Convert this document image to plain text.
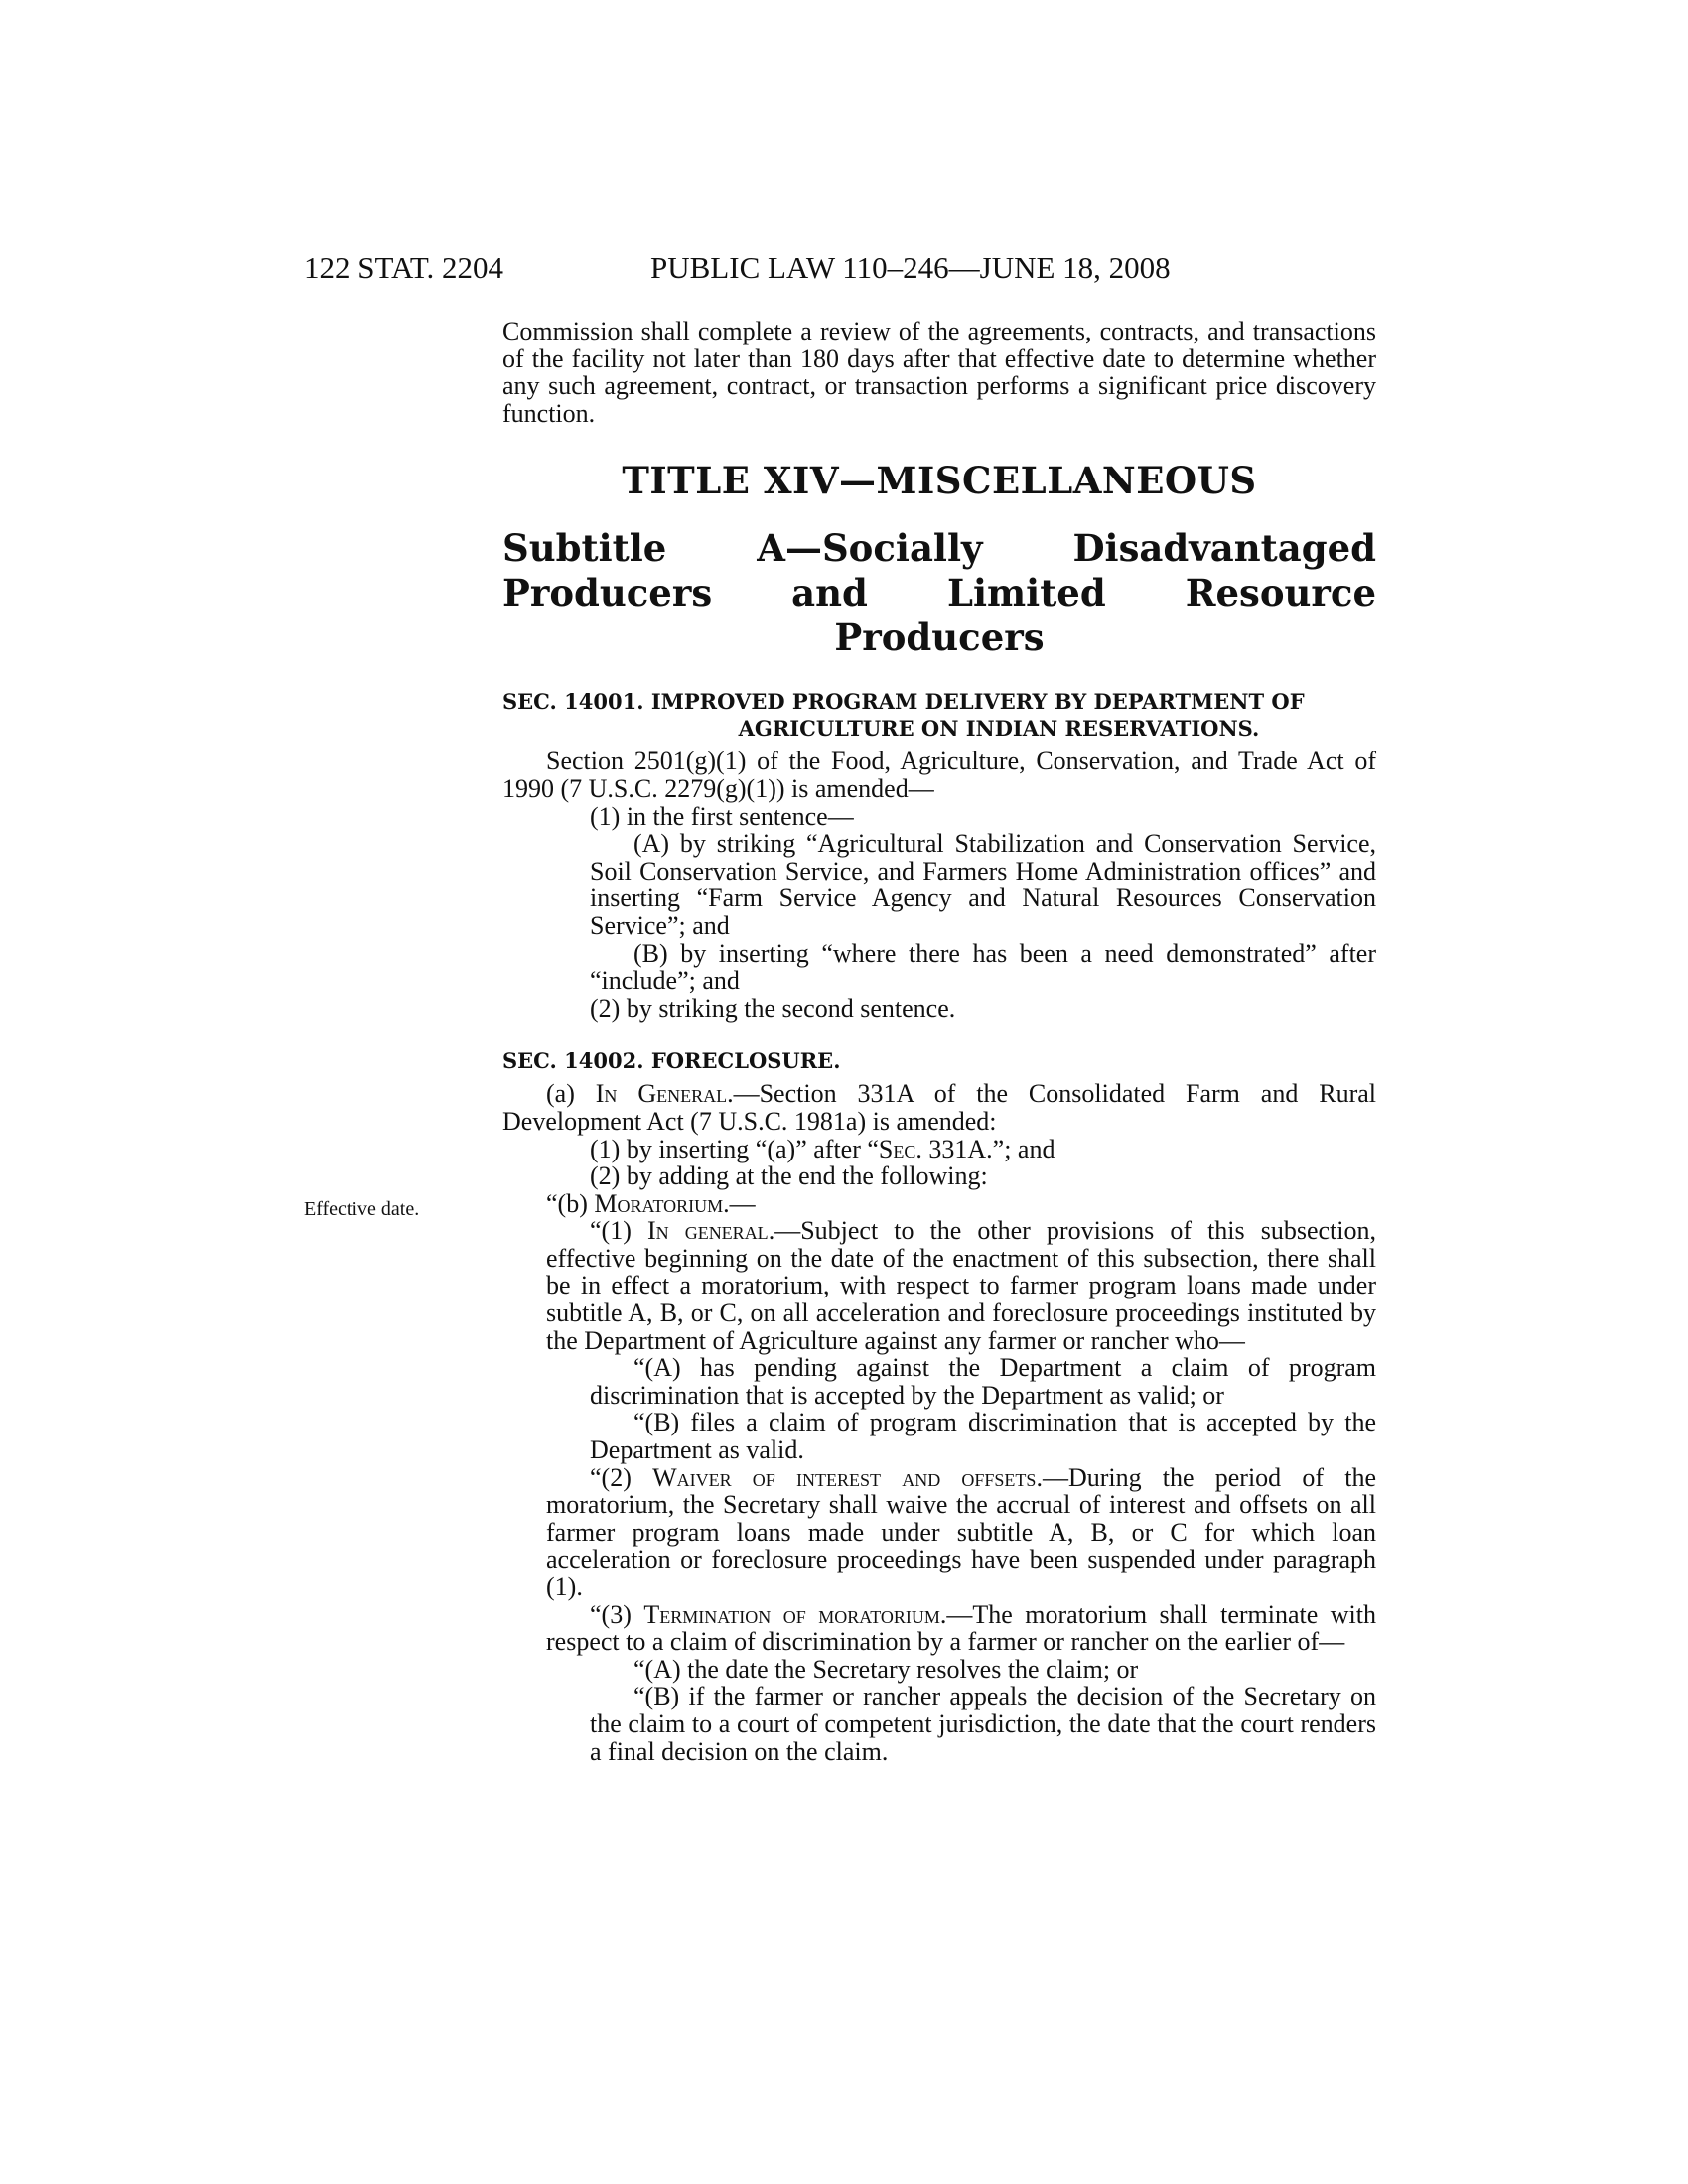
122 STAT. 2204	PUBLIC LAW 110–246—JUNE 18, 2008
Effective date.

Commission shall complete a review of the agreements, contracts, and transactions of the facility not later than 180 days after that effective date to determine whether any such agreement, contract, or transaction performs a significant price discovery function.

TITLE XIV—MISCELLANEOUS
Subtitle A—Socially Disadvantaged Producers and Limited Resource Producers
SEC. 14001. IMPROVED PROGRAM DELIVERY BY DEPARTMENT OF
AGRICULTURE ON INDIAN RESERVATIONS.

Section 2501(g)(1) of the Food, Agriculture, Conservation, and Trade Act of 1990 (7 U.S.C. 2279(g)(1)) is amended—

(1) in the first sentence—

(A) by striking “Agricultural Stabilization and Conservation Service, Soil Conservation Service, and Farmers Home Administration offices” and inserting “Farm Service Agency and Natural Resources Conservation Service”; and

(B) by inserting “where there has been a need demonstrated” after “include”; and

(2) by striking the second sentence.

SEC. 14002. FORECLOSURE.

(a) In General.—Section 331A of the Consolidated Farm and Rural Development Act (7 U.S.C. 1981a) is amended:

(1) by inserting “(a)” after “Sec. 331A.”; and

(2) by adding at the end the following:

“(b) Moratorium.—

“(1) In general.—Subject to the other provisions of this subsection, effective beginning on the date of the enactment of this subsection, there shall be in effect a moratorium, with respect to farmer program loans made under subtitle A, B, or C, on all acceleration and foreclosure proceedings instituted by the Department of Agriculture against any farmer or rancher who—

“(A) has pending against the Department a claim of program discrimination that is accepted by the Department as valid; or

“(B) files a claim of program discrimination that is accepted by the Department as valid.

“(2) Waiver of interest and offsets.—During the period of the moratorium, the Secretary shall waive the accrual of interest and offsets on all farmer program loans made under subtitle A, B, or C for which loan acceleration or foreclosure proceedings have been suspended under paragraph (1).

“(3) Termination of moratorium.—The moratorium shall terminate with respect to a claim of discrimination by a farmer or rancher on the earlier of—

“(A) the date the Secretary resolves the claim; or

“(B) if the farmer or rancher appeals the decision of the Secretary on the claim to a court of competent jurisdiction, the date that the court renders a final decision on the claim.
